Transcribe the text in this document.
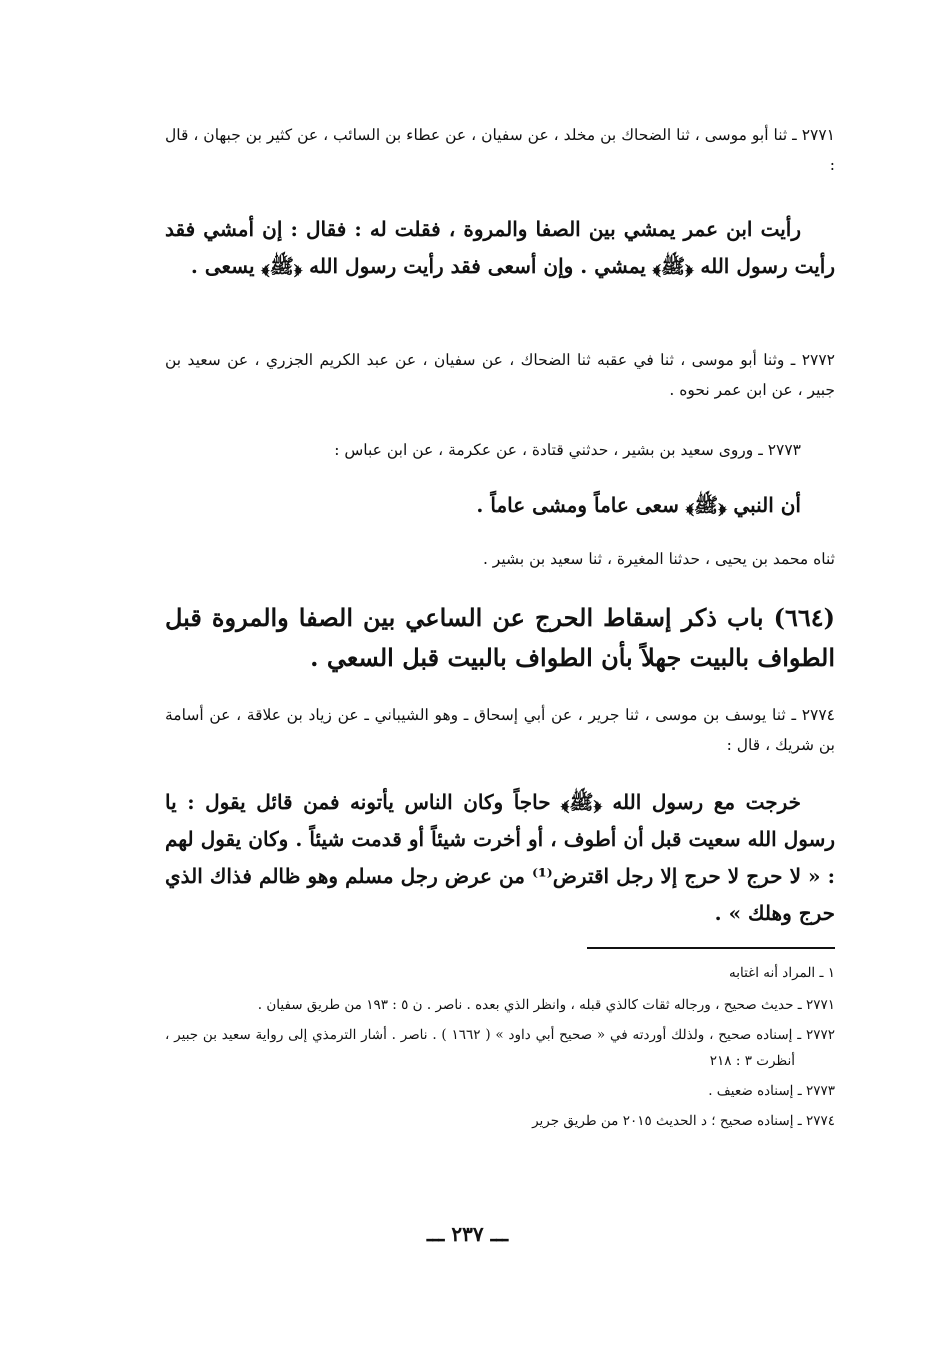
٢٧٧١ ـ ثنا أبو موسى ، ثنا الضحاك بن مخلد ، عن سفيان ، عن عطاء بن السائب ، عن كثير بن جبهان ، قال :

رأيت ابن عمر يمشي بين الصفا والمروة ، فقلت له : فقال : إن أمشي فقد رأيت رسول الله ﴿ﷺ﴾ يمشي . وإن أسعى فقد رأيت رسول الله ﴿ﷺ﴾ يسعى .

٢٧٧٢ ـ وثنا أبو موسى ، ثنا في عقبه ثنا الضحاك ، عن سفيان ، عن عبد الكريم الجزري ، عن سعيد بن جبير ، عن ابن عمر نحوه .

٢٧٧٣ ـ وروى سعيد بن بشير ، حدثني قتادة ، عن عكرمة ، عن ابن عباس :

أن النبي ﴿ﷺ﴾ سعى عاماً ومشى عاماً .

ثناه محمد بن يحيى ، حدثنا المغيرة ، ثنا سعيد بن بشير .

(٦٦٤) باب ذكر إسقاط الحرج عن الساعي بين الصفا والمروة قبل الطواف بالبيت جهلاً بأن الطواف بالبيت قبل السعي .

٢٧٧٤ ـ ثنا يوسف بن موسى ، ثنا جرير ، عن أبي إسحاق ـ وهو الشيباني ـ عن زياد بن علاقة ، عن أسامة بن شريك ، قال :

خرجت مع رسول الله ﴿ﷺ﴾ حاجاً وكان الناس يأتونه فمن قائل يقول : يا رسول الله سعيت قبل أن أطوف ، أو أخرت شيئاً أو قدمت شيئاً . وكان يقول لهم : « لا حرج لا حرج إلا رجل اقترض⁽¹⁾ من عرض رجل مسلم وهو ظالم فذاك الذي حرج وهلك » .

١ ـ المراد أنه اغتابه

٢٧٧١ ـ حديث صحيح ، ورجاله ثقات كالذي قبله ، وانظر الذي بعده . ناصر . ن ٥ : ١٩٣ من طريق سفيان .

٢٧٧٢ ـ إسناده صحيح ، ولذلك أوردته في « صحيح أبي داود » ( ١٦٦٢ ) . ناصر . أشار الترمذي إلى رواية سعيد بن جبير ، أنظرت ٣ : ٢١٨

٢٧٧٣ ـ إسناده ضعيف .

٢٧٧٤ ـ إسناده صحيح ؛ د الحديث ٢٠١٥ من طريق جرير

ـــ ٢٣٧ ـــ
